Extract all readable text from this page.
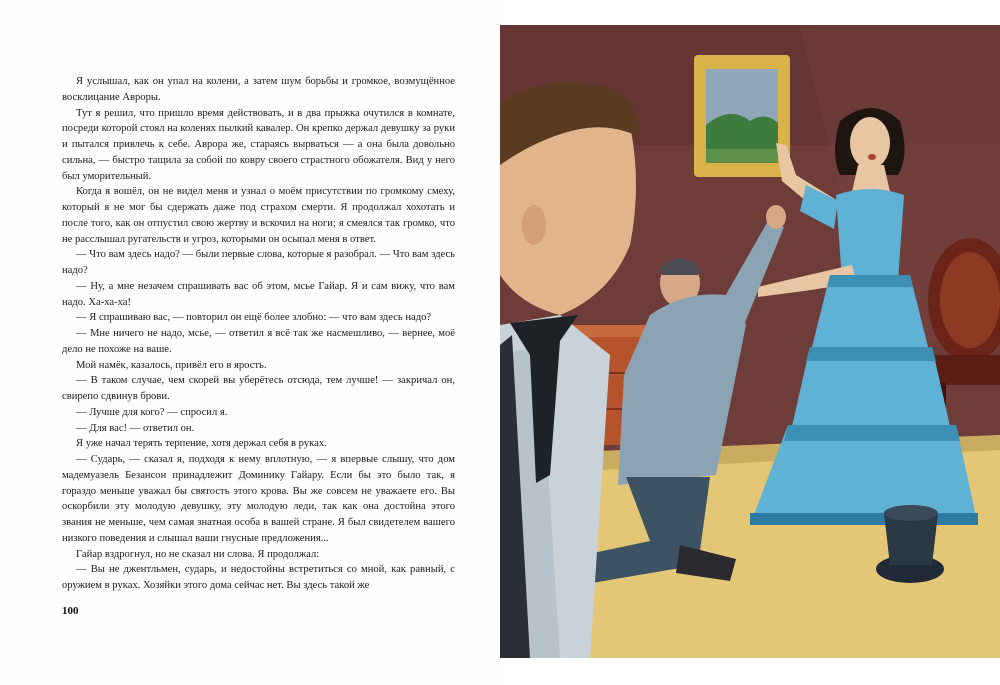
Я услышал, как он упал на колени, а затем шум борьбы и громкое, возмущённое восклицание Авроры.

Тут я решил, что пришло время действовать, и в два прыжка очутился в комнате, посреди которой стоял на коленях пылкий кавалер. Он крепко держал девушку за руки и пытался привлечь к себе. Аврора же, стараясь вырваться — а она была довольно сильна, — быстро тащила за собой по ковру своего страстного обожателя. Вид у него был уморительный.

Когда я вошёл, он не видел меня и узнал о моём присутствии по громкому смеху, который я не мог бы сдержать даже под страхом смерти. Я продолжал хохотать и после того, как он отпустил свою жертву и вскочил на ноги; я смеялся так громко, что не расслышал ругательств и угроз, которыми он осыпал меня в ответ.

— Что вам здесь надо? — были первые слова, которые я разобрал. — Что вам здесь надо?

— Ну, а мне незачем спрашивать вас об этом, мсье Гайар. Я и сам вижу, что вам надо. Ха-ха-ха!

— Я спрашиваю вас, — повторил он ещё более злобно: — что вам здесь надо?

— Мне ничего не надо, мсье, — ответил я всё так же насмешливо, — вернее, моё дело не похоже на ваше.

Мой намёк, казалось, привёл его в ярость.

— В таком случае, чем скорей вы уберётесь отсюда, тем лучше! — закричал он, свирепо сдвинув брови.

— Лучше для кого? — спросил я.

— Для вас! — ответил он.

Я уже начал терять терпение, хотя держал себя в руках.

— Сударь, — сказал я, подходя к нему вплотную, — я впервые слышу, что дом мадемуазель Безансон принадлежит Доминику Гайару. Если бы это было так, я гораздо меньше уважал бы святость этого крова. Вы же совсем не уважаете его. Вы оскорбили эту молодую девушку, эту молодую леди, так как она достойна этого звания не меньше, чем самая знатная особа в вашей стране. Я был свидетелем вашего низкого поведения и слышал ваши гнусные предложения...

Гайар вздрогнул, но не сказал ни слова. Я продолжал:

— Вы не джентльмен, сударь, и недостойны встретиться со мной, как равный, с оружием в руках. Хозяйки этого дома сейчас нет. Вы здесь такой же

100
